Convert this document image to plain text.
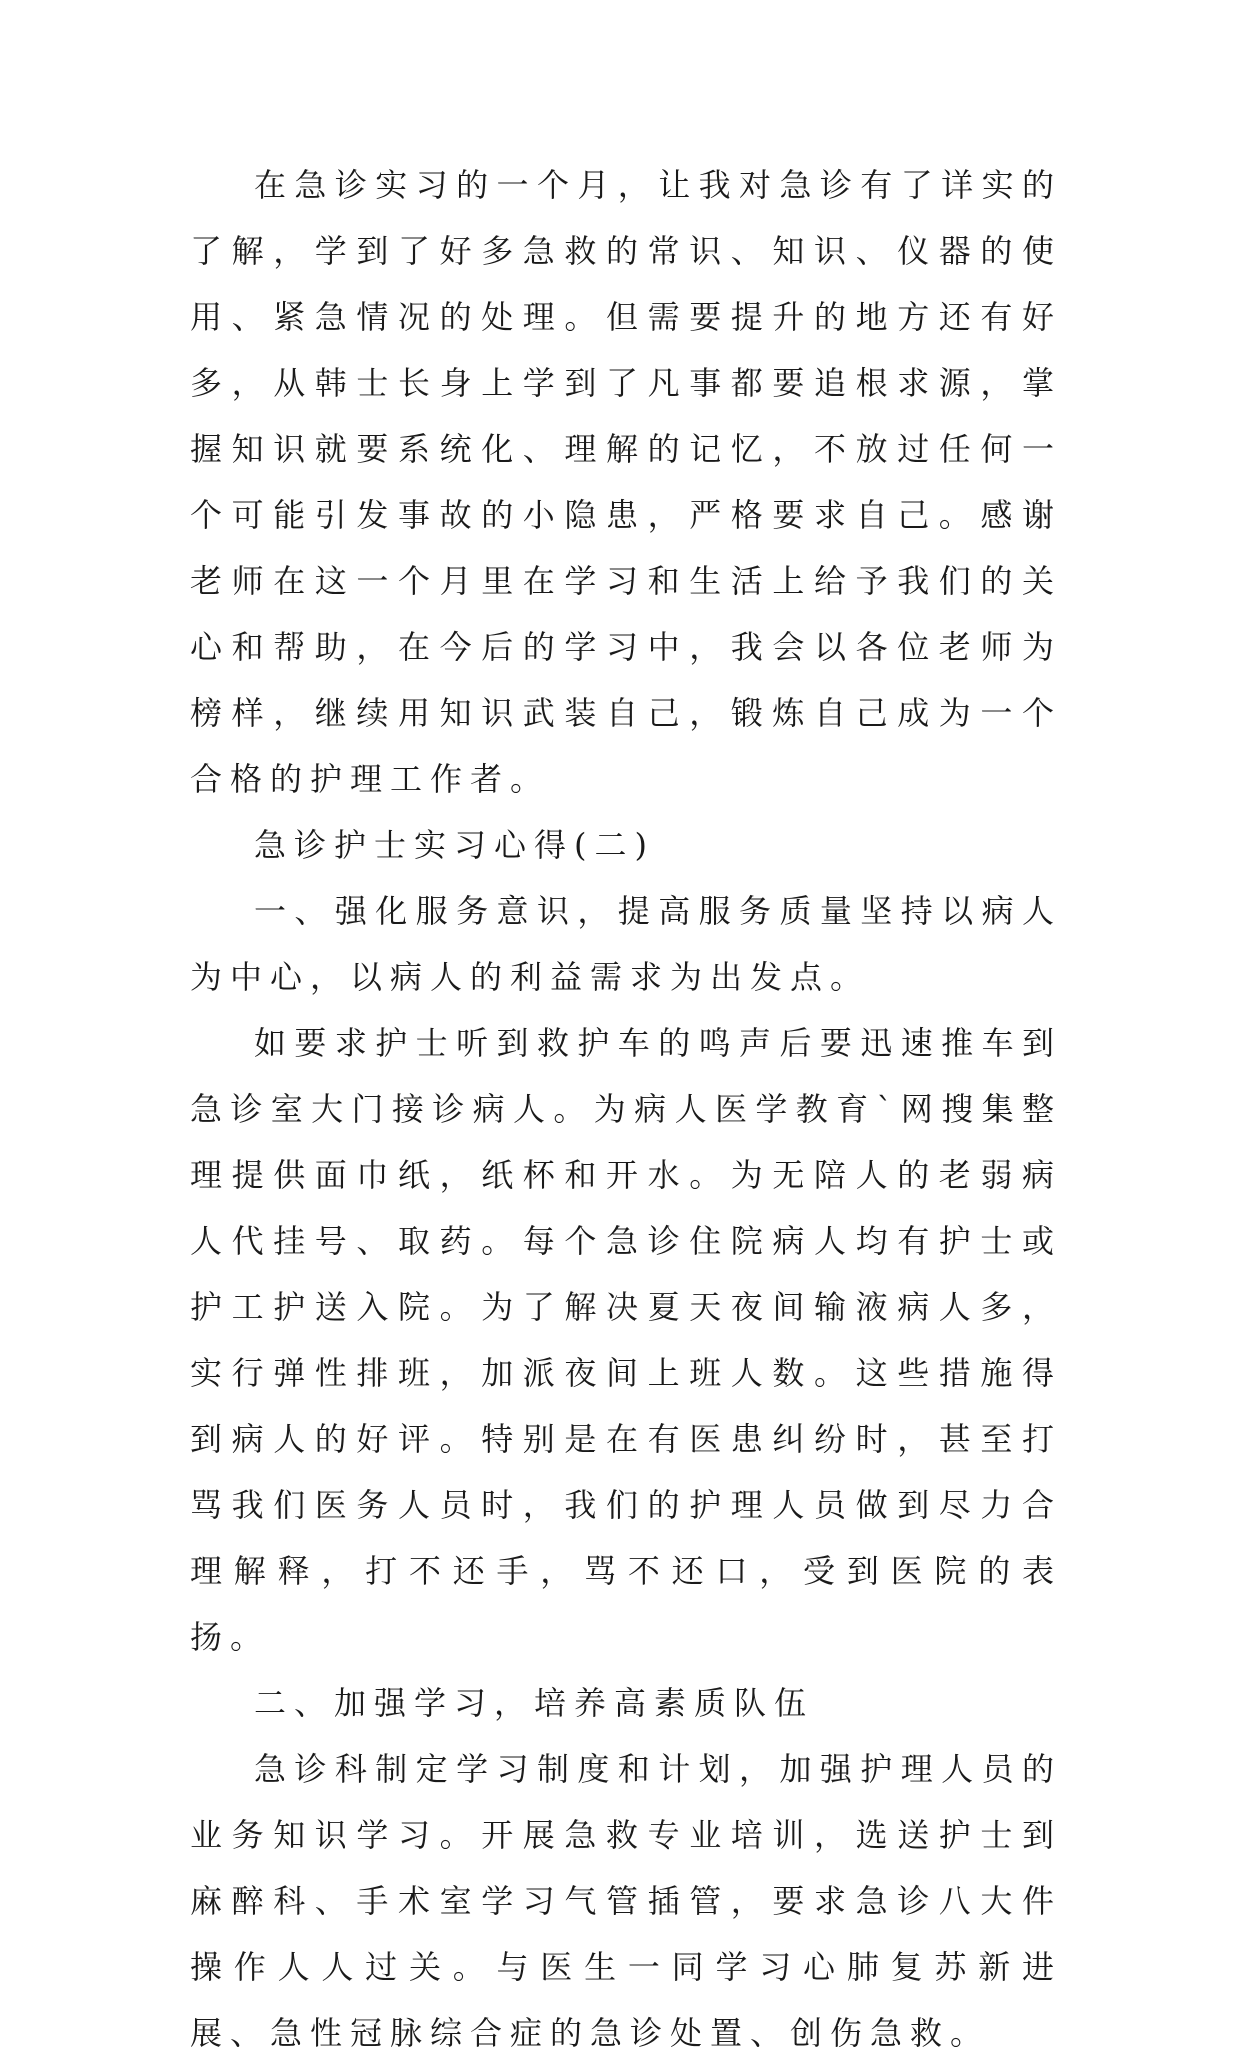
在急诊实习的一个月，让我对急诊有了详实的了解，学到了好多急救的常识、知识、仪器的使用、紧急情况的处理。但需要提升的地方还有好多，从韩士长身上学到了凡事都要追根求源，掌握知识就要系统化、理解的记忆，不放过任何一个可能引发事故的小隐患，严格要求自己。感谢老师在这一个月里在学习和生活上给予我们的关心和帮助，在今后的学习中，我会以各位老师为榜样，继续用知识武装自己，锻炼自己成为一个合格的护理工作者。

急诊护士实习心得(二)

一、强化服务意识，提高服务质量坚持以病人为中心，以病人的利益需求为出发点。

如要求护士听到救护车的鸣声后要迅速推车到急诊室大门接诊病人。为病人医学教育`网搜集整理提供面巾纸，纸杯和开水。为无陪人的老弱病人代挂号、取药。每个急诊住院病人均有护士或护工护送入院。为了解决夏天夜间输液病人多，实行弹性排班，加派夜间上班人数。这些措施得到病人的好评。特别是在有医患纠纷时，甚至打骂我们医务人员时，我们的护理人员做到尽力合理解释，打不还手，骂不还口，受到医院的表扬。

二、加强学习，培养高素质队伍

急诊科制定学习制度和计划，加强护理人员的业务知识学习。开展急救专业培训，选送护士到麻醉科、手术室学习气管插管，要求急诊八大件操作人人过关。与医生一同学习心肺复苏新进展、急性冠脉综合症的急诊处置、创伤急救。
